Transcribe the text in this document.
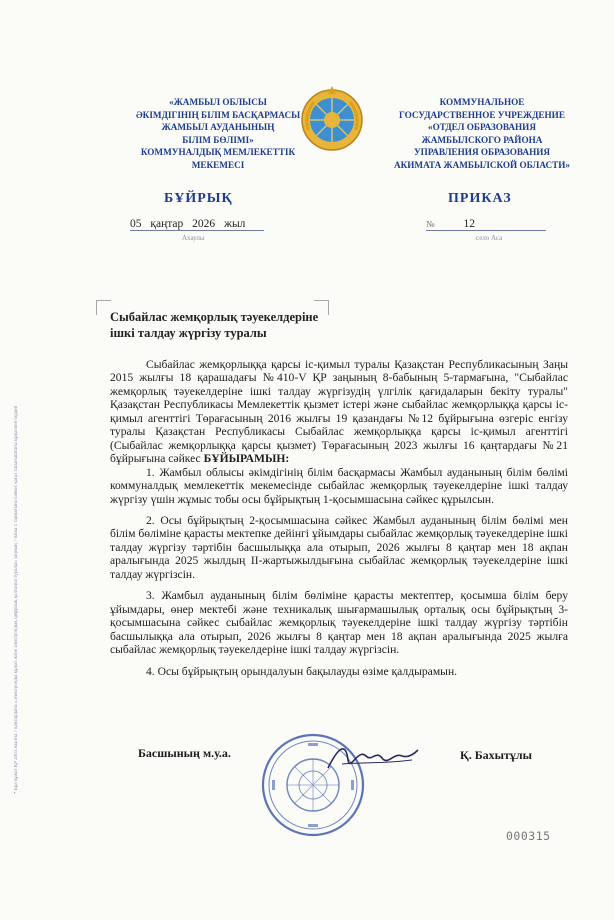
«ЖАМБЫЛ ОБЛЫСЫ
ӘКІМДІГІНІҢ БІЛІМ БАСҚАРМАСЫ
ЖАМБЫЛ АУДАНЫНЫҢ
БІЛІМ БӨЛІМІ»
КОММУНАЛДЫҚ МЕМЛЕКЕТТІК
МЕКЕМЕСІ
КОММУНАЛЬНОЕ
ГОСУДАРСТВЕННОЕ УЧРЕЖДЕНИЕ
«ОТДЕЛ ОБРАЗОВАНИЯ
ЖАМБЫЛСКОГО РАЙОНА
УПРАВЛЕНИЯ ОБРАЗОВАНИЯ
АКИМАТА ЖАМБЫЛСКОЙ ОБЛАСТИ»
БҰЙРЫҚ	ПРИКАЗ
05 қаңтар 2026 жыл
Ахаулы
№	12
село Аса
Сыбайлас жемқорлық тәуекелдеріне
ішкі талдау жүргізу туралы
* Бұл құжат ҚР 2003 жылғы 7 қаңтардағы «Электронды құжат және электрондық цифрлық қолтаңба туралы» заңның 7 бабы 1 тармағына сәйкес қағаз тасығыштағы құжатпен бірдей

Сыбайлас жемқорлыққа қарсы іс-қимыл туралы Қазақстан Республикасының Заңы 2015 жылғы 18 қарашадағы №410-V ҚР заңының 8-бабының 5-тармағына, "Сыбайлас жемқорлық тәуекелдеріне ішкі талдау жүргізудің үлгілік қағидаларын бекіту туралы" Қазақстан Республикасы Мемлекеттік қызмет істері және сыбайлас жемқорлыққа қарсы іс-қимыл агенттігі Төрағасының 2016 жылғы 19 қазандағы №12 бұйрығына өзгеріс енгізу туралы Қазақстан Республикасы Сыбайлас жемқорлыққа қарсы іс-қимыл агенттігі (Сыбайлас жемқорлыққа қарсы қызмет) Төрағасының 2023 жылғы 16 қаңтардағы №21 бұйрығына сәйкес БҰЙЫРАМЫН:

1. Жамбыл облысы әкімдігінің білім басқармасы Жамбыл ауданының білім бөлімі коммуналдық мемлекеттік мекемесінде сыбайлас жемқорлық тәуекелдеріне ішкі талдау жүргізу үшін жұмыс тобы осы бұйрықтың 1-қосымшасына сәйкес құрылсын.

2. Осы бұйрықтың 2-қосымшасына сәйкес Жамбыл ауданының білім бөлімі мен білім бөліміне қарасты мектепке дейінгі ұйымдары сыбайлас жемқорлық тәуекелдеріне ішкі талдау жүргізу тәртібін басшылыққа ала отырып, 2026 жылғы 8 қаңтар мен 18 ақпан аралығында 2025 жылдың ІІ-жартыжылдығына сыбайлас жемқорлық тәуекелдеріне ішкі талдау жүргізсін.

3. Жамбыл ауданының білім бөліміне қарасты мектептер, қосымша білім беру ұйымдары, өнер мектебі және техникалық шығармашылық орталық осы бұйрықтың 3-қосымшасына сәйкес сыбайлас жемқорлық тәуекелдеріне ішкі талдау жүргізу тәртібін басшылыққа ала отырып, 2026 жылғы 8 қаңтар мен 18 ақпан аралығында 2025 жылға сыбайлас жемқорлық тәуекелдеріне ішкі талдау жүргізсін.

4. Осы бұйрықтың орындалуын бақылауды өзіме қалдырамын.

Басшының м.у.а.	Қ. Бахытұлы
000315
